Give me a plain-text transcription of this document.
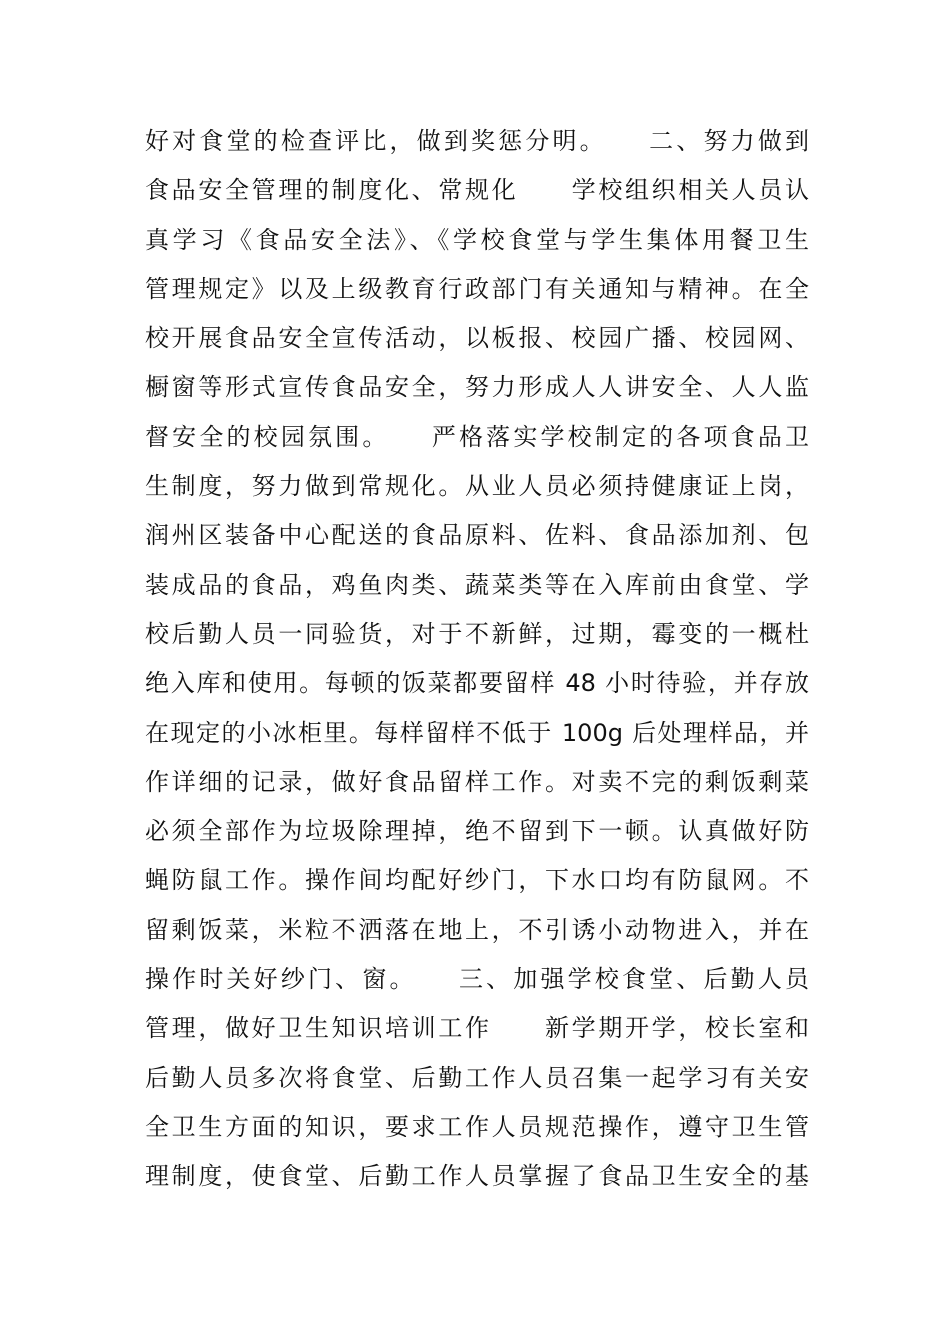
好对食堂的检查评比，做到奖惩分明。　　二、努力做到
食品安全管理的制度化、常规化　　学校组织相关人员认
真学习《食品安全法》、《学校食堂与学生集体用餐卫生
管理规定》以及上级教育行政部门有关通知与精神。在全
校开展食品安全宣传活动，以板报、校园广播、校园网、
橱窗等形式宣传食品安全，努力形成人人讲安全、人人监
督安全的校园氛围。　　严格落实学校制定的各项食品卫
生制度，努力做到常规化。从业人员必须持健康证上岗，
润州区装备中心配送的食品原料、佐料、食品添加剂、包
装成品的食品，鸡鱼肉类、蔬菜类等在入库前由食堂、学
校后勤人员一同验货，对于不新鲜，过期，霉变的一概杜
绝入库和使用。每顿的饭菜都要留样 48 小时待验，并存放
在现定的小冰柜里。每样留样不低于 100g 后处理样品，并
作详细的记录，做好食品留样工作。对卖不完的剩饭剩菜
必须全部作为垃圾除理掉，绝不留到下一顿。认真做好防
蝇防鼠工作。操作间均配好纱门，下水口均有防鼠网。不
留剩饭菜，米粒不洒落在地上，不引诱小动物进入，并在
操作时关好纱门、窗。　　三、加强学校食堂、后勤人员
管理，做好卫生知识培训工作　　新学期开学，校长室和
后勤人员多次将食堂、后勤工作人员召集一起学习有关安
全卫生方面的知识，要求工作人员规范操作，遵守卫生管
理制度，使食堂、后勤工作人员掌握了食品卫生安全的基
